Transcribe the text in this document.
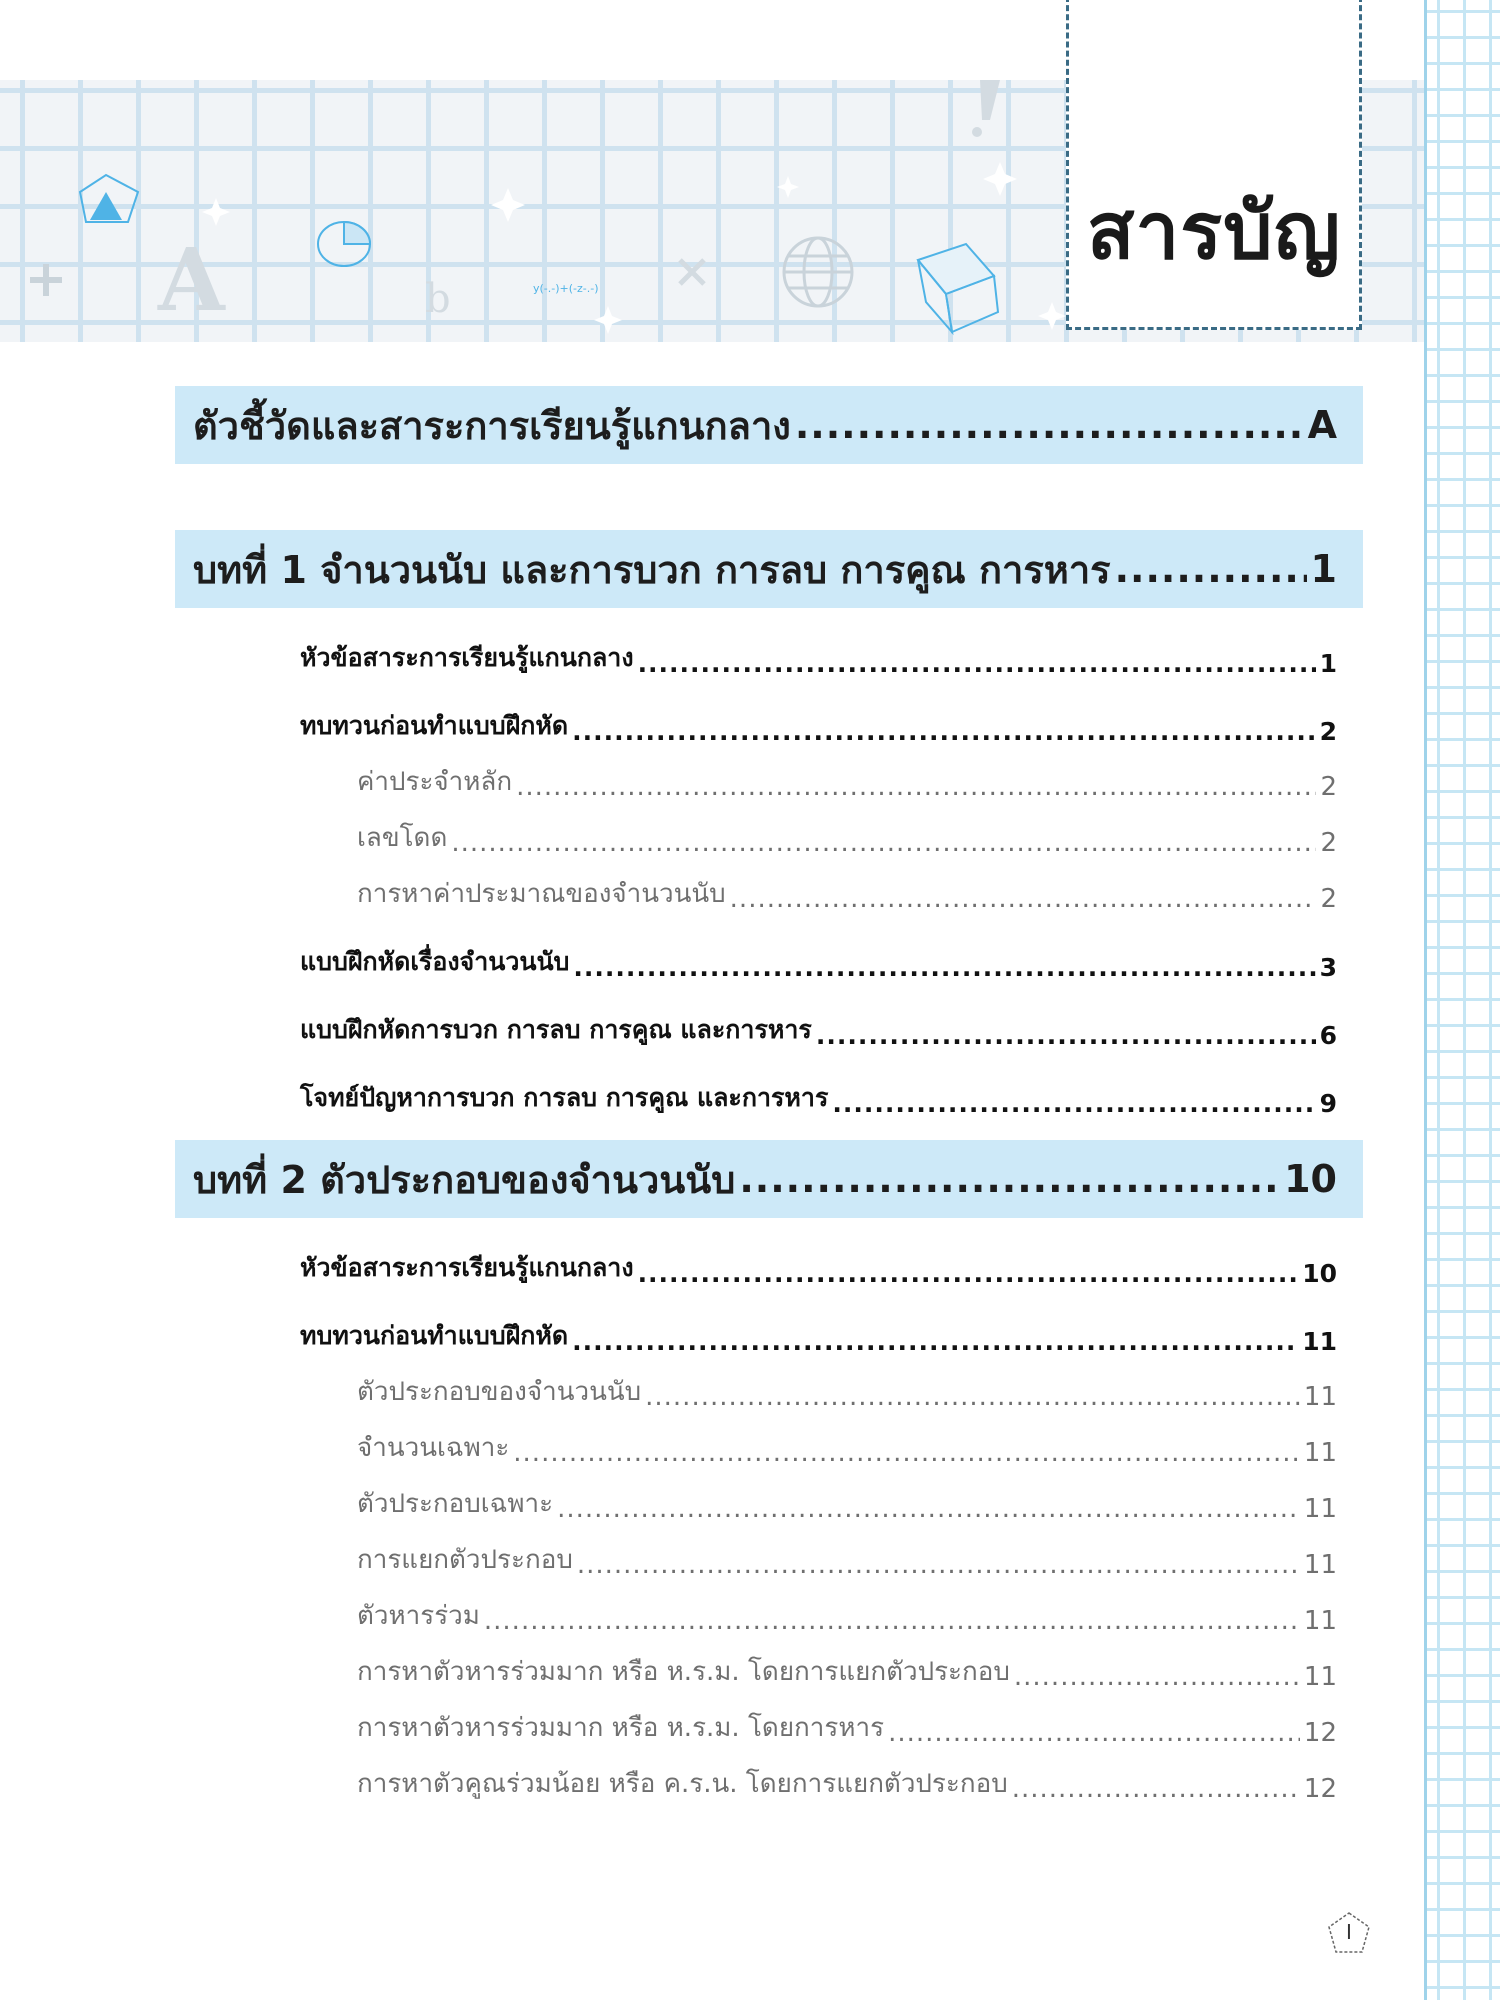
A	b	y(-.-)+(-z-.-)
สารบัญ
ตัวชี้วัดและสาระการเรียนรู้แกนกลาง .....	A
บทที่ 1 จำนวนนับ และการบวก การลบ การคูณ การหาร .....	1
หัวข้อสาระการเรียนรู้แกนกลาง .....	1
ทบทวนก่อนทำแบบฝึกหัด .....	2
ค่าประจำหลัก .....	2
เลขโดด .....	2
การหาค่าประมาณของจำนวนนับ .....	2
แบบฝึกหัดเรื่องจำนวนนับ .....	3
แบบฝึกหัดการบวก การลบ การคูณ และการหาร .....	6
โจทย์ปัญหาการบวก การลบ การคูณ และการหาร .....	9
บทที่ 2 ตัวประกอบของจำนวนนับ .....	10
หัวข้อสาระการเรียนรู้แกนกลาง .....	10
ทบทวนก่อนทำแบบฝึกหัด .....	11
ตัวประกอบของจำนวนนับ .....	11
จำนวนเฉพาะ .....	11
ตัวประกอบเฉพาะ .....	11
การแยกตัวประกอบ .....	11
ตัวหารร่วม .....	11
การหาตัวหารร่วมมาก หรือ ห.ร.ม. โดยการแยกตัวประกอบ .....	11
การหาตัวหารร่วมมาก หรือ ห.ร.ม. โดยการหาร .....	12
การหาตัวคูณร่วมน้อย หรือ ค.ร.น. โดยการแยกตัวประกอบ .....	12
I
